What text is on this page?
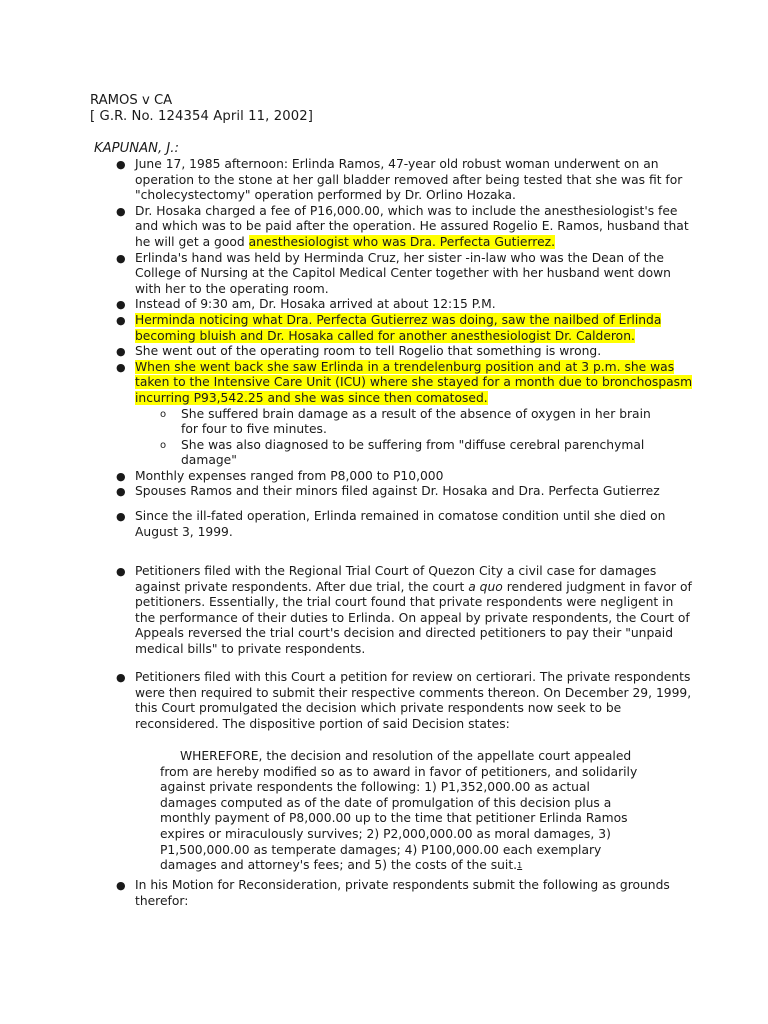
RAMOS v CA
[ G.R. No. 124354 April 11, 2002]
KAPUNAN, J.:
● June 17, 1985 afternoon: Erlinda Ramos, 47-year old robust woman underwent on an operation to the stone at her gall bladder removed after being tested that she was fit for "cholecystectomy" operation performed by Dr. Orlino Hozaka.
● Dr. Hosaka charged a fee of P16,000.00, which was to include the anesthesiologist's fee and which was to be paid after the operation. He assured Rogelio E. Ramos, husband that he will get a good anesthesiologist who was Dra. Perfecta Gutierrez.
● Erlinda's hand was held by Herminda Cruz, her sister -in-law who was the Dean of the College of Nursing at the Capitol Medical Center together with her husband went down with her to the operating room.
● Instead of 9:30 am, Dr. Hosaka arrived at about 12:15 P.M.
● Herminda noticing what Dra. Perfecta Gutierrez was doing, saw the nailbed of Erlinda becoming bluish and Dr. Hosaka called for another anesthesiologist Dr. Calderon.
● She went out of the operating room to tell Rogelio that something is wrong.
● When she went back she saw Erlinda in a trendelenburg position and at 3 p.m. she was taken to the Intensive Care Unit (ICU) where she stayed for a month due to bronchospasm incurring P93,542.25 and she was since then comatosed.
o She suffered brain damage as a result of the absence of oxygen in her brain for four to five minutes.
o She was also diagnosed to be suffering from "diffuse cerebral parenchymal damage"
● Monthly expenses ranged from P8,000 to P10,000
● Spouses Ramos and their minors filed against Dr. Hosaka and Dra. Perfecta Gutierrez
● Since the ill-fated operation, Erlinda remained in comatose condition until she died on August 3, 1999.
● Petitioners filed with the Regional Trial Court of Quezon City a civil case for damages against private respondents. After due trial, the court a quo rendered judgment in favor of petitioners. Essentially, the trial court found that private respondents were negligent in the performance of their duties to Erlinda. On appeal by private respondents, the Court of Appeals reversed the trial court's decision and directed petitioners to pay their "unpaid medical bills" to private respondents.
● Petitioners filed with this Court a petition for review on certiorari. The private respondents were then required to submit their respective comments thereon. On December 29, 1999, this Court promulgated the decision which private respondents now seek to be reconsidered. The dispositive portion of said Decision states:
WHEREFORE, the decision and resolution of the appellate court appealed from are hereby modified so as to award in favor of petitioners, and solidarily against private respondents the following: 1) P1,352,000.00 as actual damages computed as of the date of promulgation of this decision plus a monthly payment of P8,000.00 up to the time that petitioner Erlinda Ramos expires or miraculously survives; 2) P2,000,000.00 as moral damages, 3) P1,500,000.00 as temperate damages; 4) P100,000.00 each exemplary damages and attorney's fees; and 5) the costs of the suit.$^1$
● In his Motion for Reconsideration, private respondents submit the following as grounds therefor:
